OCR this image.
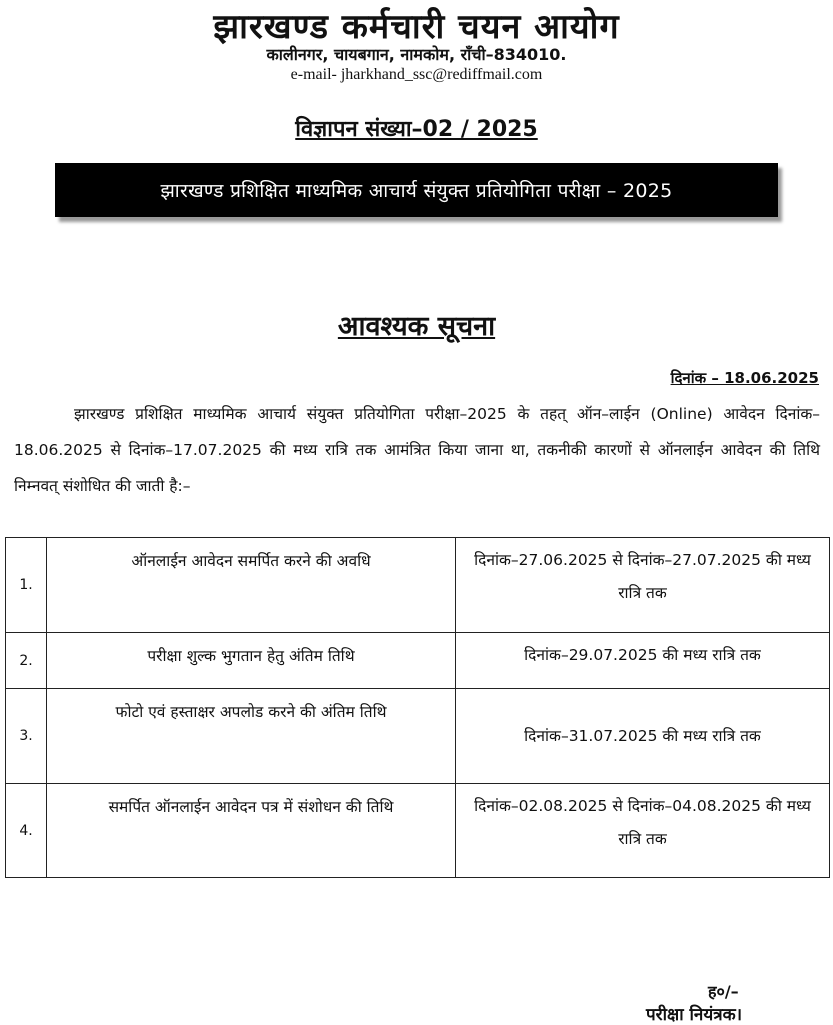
झारखण्ड कर्मचारी चयन आयोग
कालीनगर, चायबगान, नामकोम, राँची–834010.
e-mail- jharkhand_ssc@rediffmail.com
विज्ञापन संख्या–02 / 2025
झारखण्ड प्रशिक्षित माध्यमिक आचार्य संयुक्त प्रतियोगिता परीक्षा – 2025
आवश्यक सूचना
दिनांक – 18.06.2025
झारखण्ड प्रशिक्षित माध्यमिक आचार्य संयुक्त प्रतियोगिता परीक्षा–2025 के तहत् ऑन–लाईन (Online) आवेदन दिनांक–18.06.2025 से दिनांक–17.07.2025 की मध्य रात्रि तक आमंत्रित किया जाना था, तकनीकी कारणों से ऑनलाईन आवेदन की तिथि निम्नवत् संशोधित की जाती है:–
1.	ऑनलाईन आवेदन समर्पित करने की अवधि	दिनांक–27.06.2025 से दिनांक–27.07.2025 की मध्य रात्रि तक
2.	परीक्षा शुल्क भुगतान हेतु अंतिम तिथि	दिनांक–29.07.2025 की मध्य रात्रि तक
3.	फोटो एवं हस्ताक्षर अपलोड करने की अंतिम तिथि	दिनांक–31.07.2025 की मध्य रात्रि तक
4.	समर्पित ऑनलाईन आवेदन पत्र में संशोधन की तिथि	दिनांक–02.08.2025 से दिनांक–04.08.2025 की मध्य रात्रि तक
ह०/–
परीक्षा नियंत्रक।
